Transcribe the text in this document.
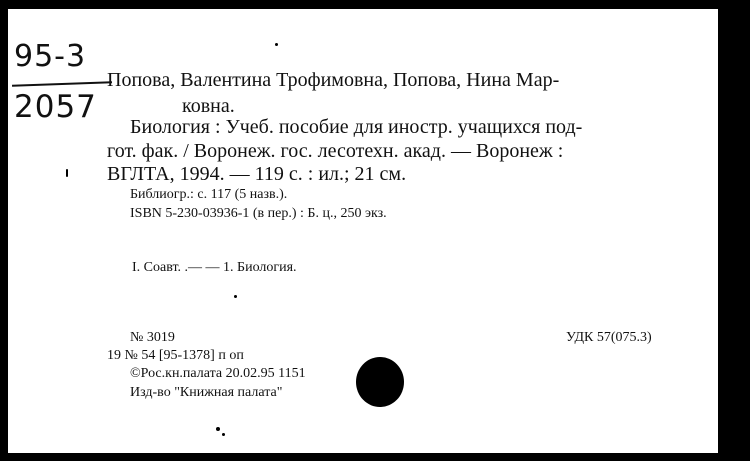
95-3
2057
Попова, Валентина Трофимовна, Попова, Нина Мар-
ковна.
Биология : Учеб. пособие для иностр. учащихся под-
гот. фак. / Воронеж. гос. лесотехн. акад. — Воронеж :
ВГЛТА, 1994. — 119 с. : ил.; 21 см.
Библиогр.: с. 117 (5 назв.).
ISBN 5-230-03936-1 (в пер.) : Б. ц., 250 экз.
I. Соавт. .— — 1. Биология.
№ 3019	УДК 57(075.3)
19 № 54 [95-1378] п оп
©Рос.кн.палата 20.02.95 1151
Изд-во "Книжная палата"
